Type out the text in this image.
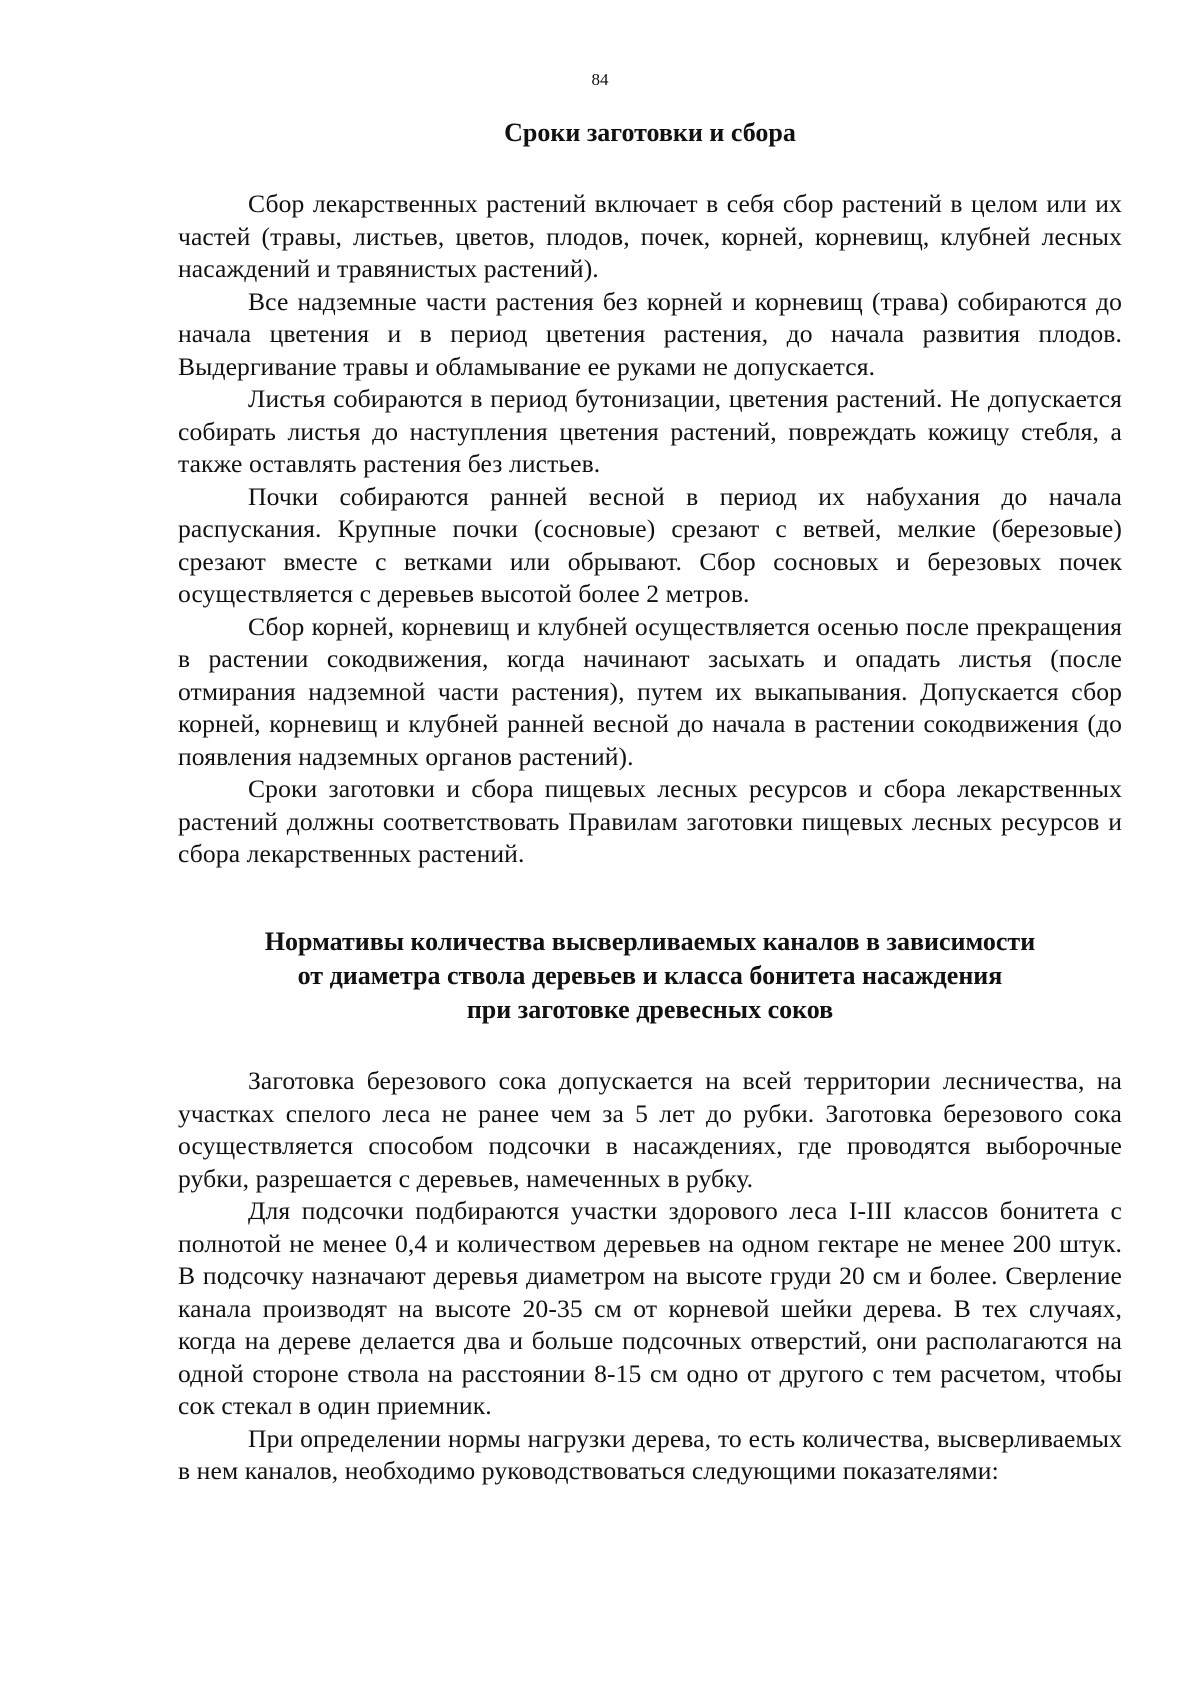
84
Сроки заготовки и сбора

Сбор лекарственных растений включает в себя сбор растений в целом или их частей (травы, листьев, цветов, плодов, почек, корней, корневищ, клубней лесных насаждений и травянистых растений).

Все надземные части растения без корней и корневищ (трава) собираются до начала цветения и в период цветения растения, до начала развития плодов. Выдергивание травы и обламывание ее руками не допускается.

Листья собираются в период бутонизации, цветения растений. Не допускается собирать листья до наступления цветения растений, повреждать кожицу стебля, а также оставлять растения без листьев.

Почки собираются ранней весной в период их набухания до начала распускания. Крупные почки (сосновые) срезают с ветвей, мелкие (березовые) срезают вместе с ветками или обрывают. Сбор сосновых и березовых почек осуществляется с деревьев высотой более 2 метров.

Сбор корней, корневищ и клубней осуществляется осенью после прекращения в растении сокодвижения, когда начинают засыхать и опадать листья (после отмирания надземной части растения), путем их выкапывания. Допускается сбор корней, корневищ и клубней ранней весной до начала в растении сокодвижения (до появления надземных органов растений).

Сроки заготовки и сбора пищевых лесных ресурсов и сбора лекарственных растений должны соответствовать Правилам заготовки пищевых лесных ресурсов и сбора лекарственных растений.

Нормативы количества высверливаемых каналов в зависимости
от диаметра ствола деревьев и класса бонитета насаждения
при заготовке древесных соков

Заготовка березового сока допускается на всей территории лесничества, на участках спелого леса не ранее чем за 5 лет до рубки. Заготовка березового сока осуществляется способом подсочки в насаждениях, где проводятся выборочные рубки, разрешается с деревьев, намеченных в рубку.

Для подсочки подбираются участки здорового леса I-III классов бонитета с полнотой не менее 0,4 и количеством деревьев на одном гектаре не менее 200 штук. В подсочку назначают деревья диаметром на высоте груди 20 см и более. Сверление канала производят на высоте 20-35 см от корневой шейки дерева. В тех случаях, когда на дереве делается два и больше подсочных отверстий, они располагаются на одной стороне ствола на расстоянии 8-15 см одно от другого с тем расчетом, чтобы сок стекал в один приемник.

При определении нормы нагрузки дерева, то есть количества, высверливаемых в нем каналов, необходимо руководствоваться следующими показателями:
